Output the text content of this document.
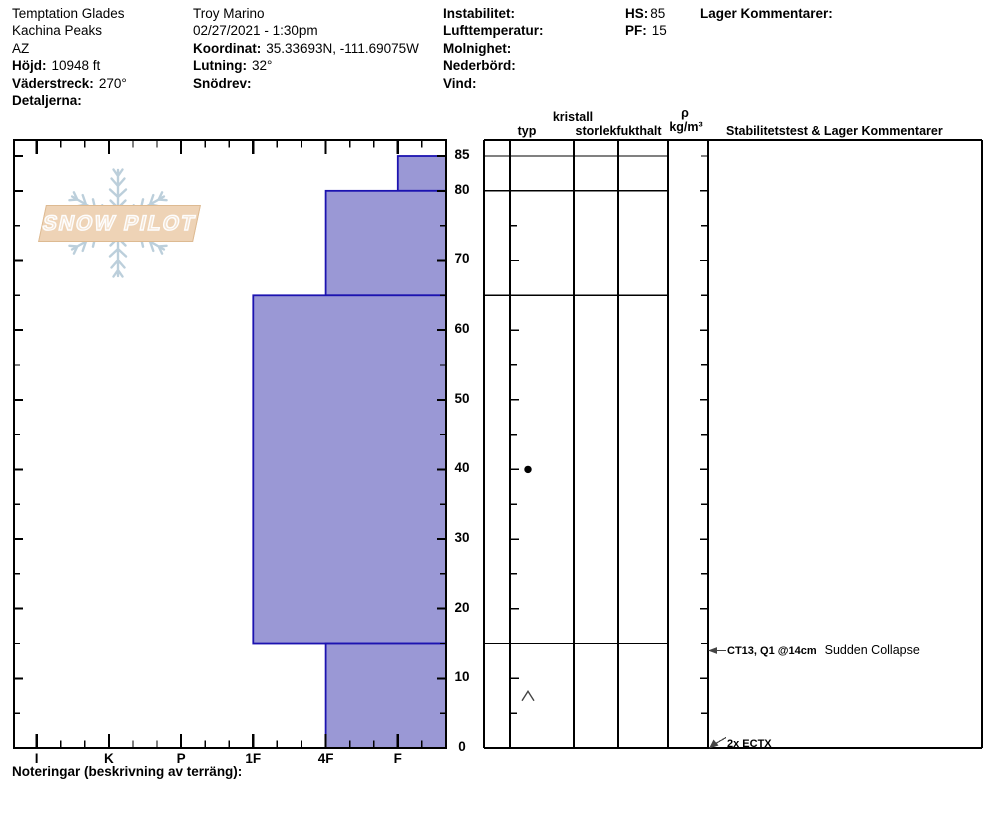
Temptation Glades
Kachina Peaks
AZ
Höjd: 10948 ft
Väderstreck: 270°
Detaljerna:
Troy Marino
02/27/2021 - 1:30pm
Koordinat: 35.33693N, -111.69075W
Lutning: 32°
Snödrev:
Instabilitet:
Lufttemperatur:
Molnighet:
Nederbörd:
Vind:
HS: 85
PF: 15
Lager Kommentarer:
SNOW PILOT
typ
kristall
storlek fukthalt
ρ
kg/m³ Stabilitetstest & Lager Kommentarer
CT13, Q1 @14cm Sudden Collapse
2x ECTX
85
80
70
60
50
40
30
20
10
0
I	K	P	1F	4F	F
Noteringar (beskrivning av terräng):
